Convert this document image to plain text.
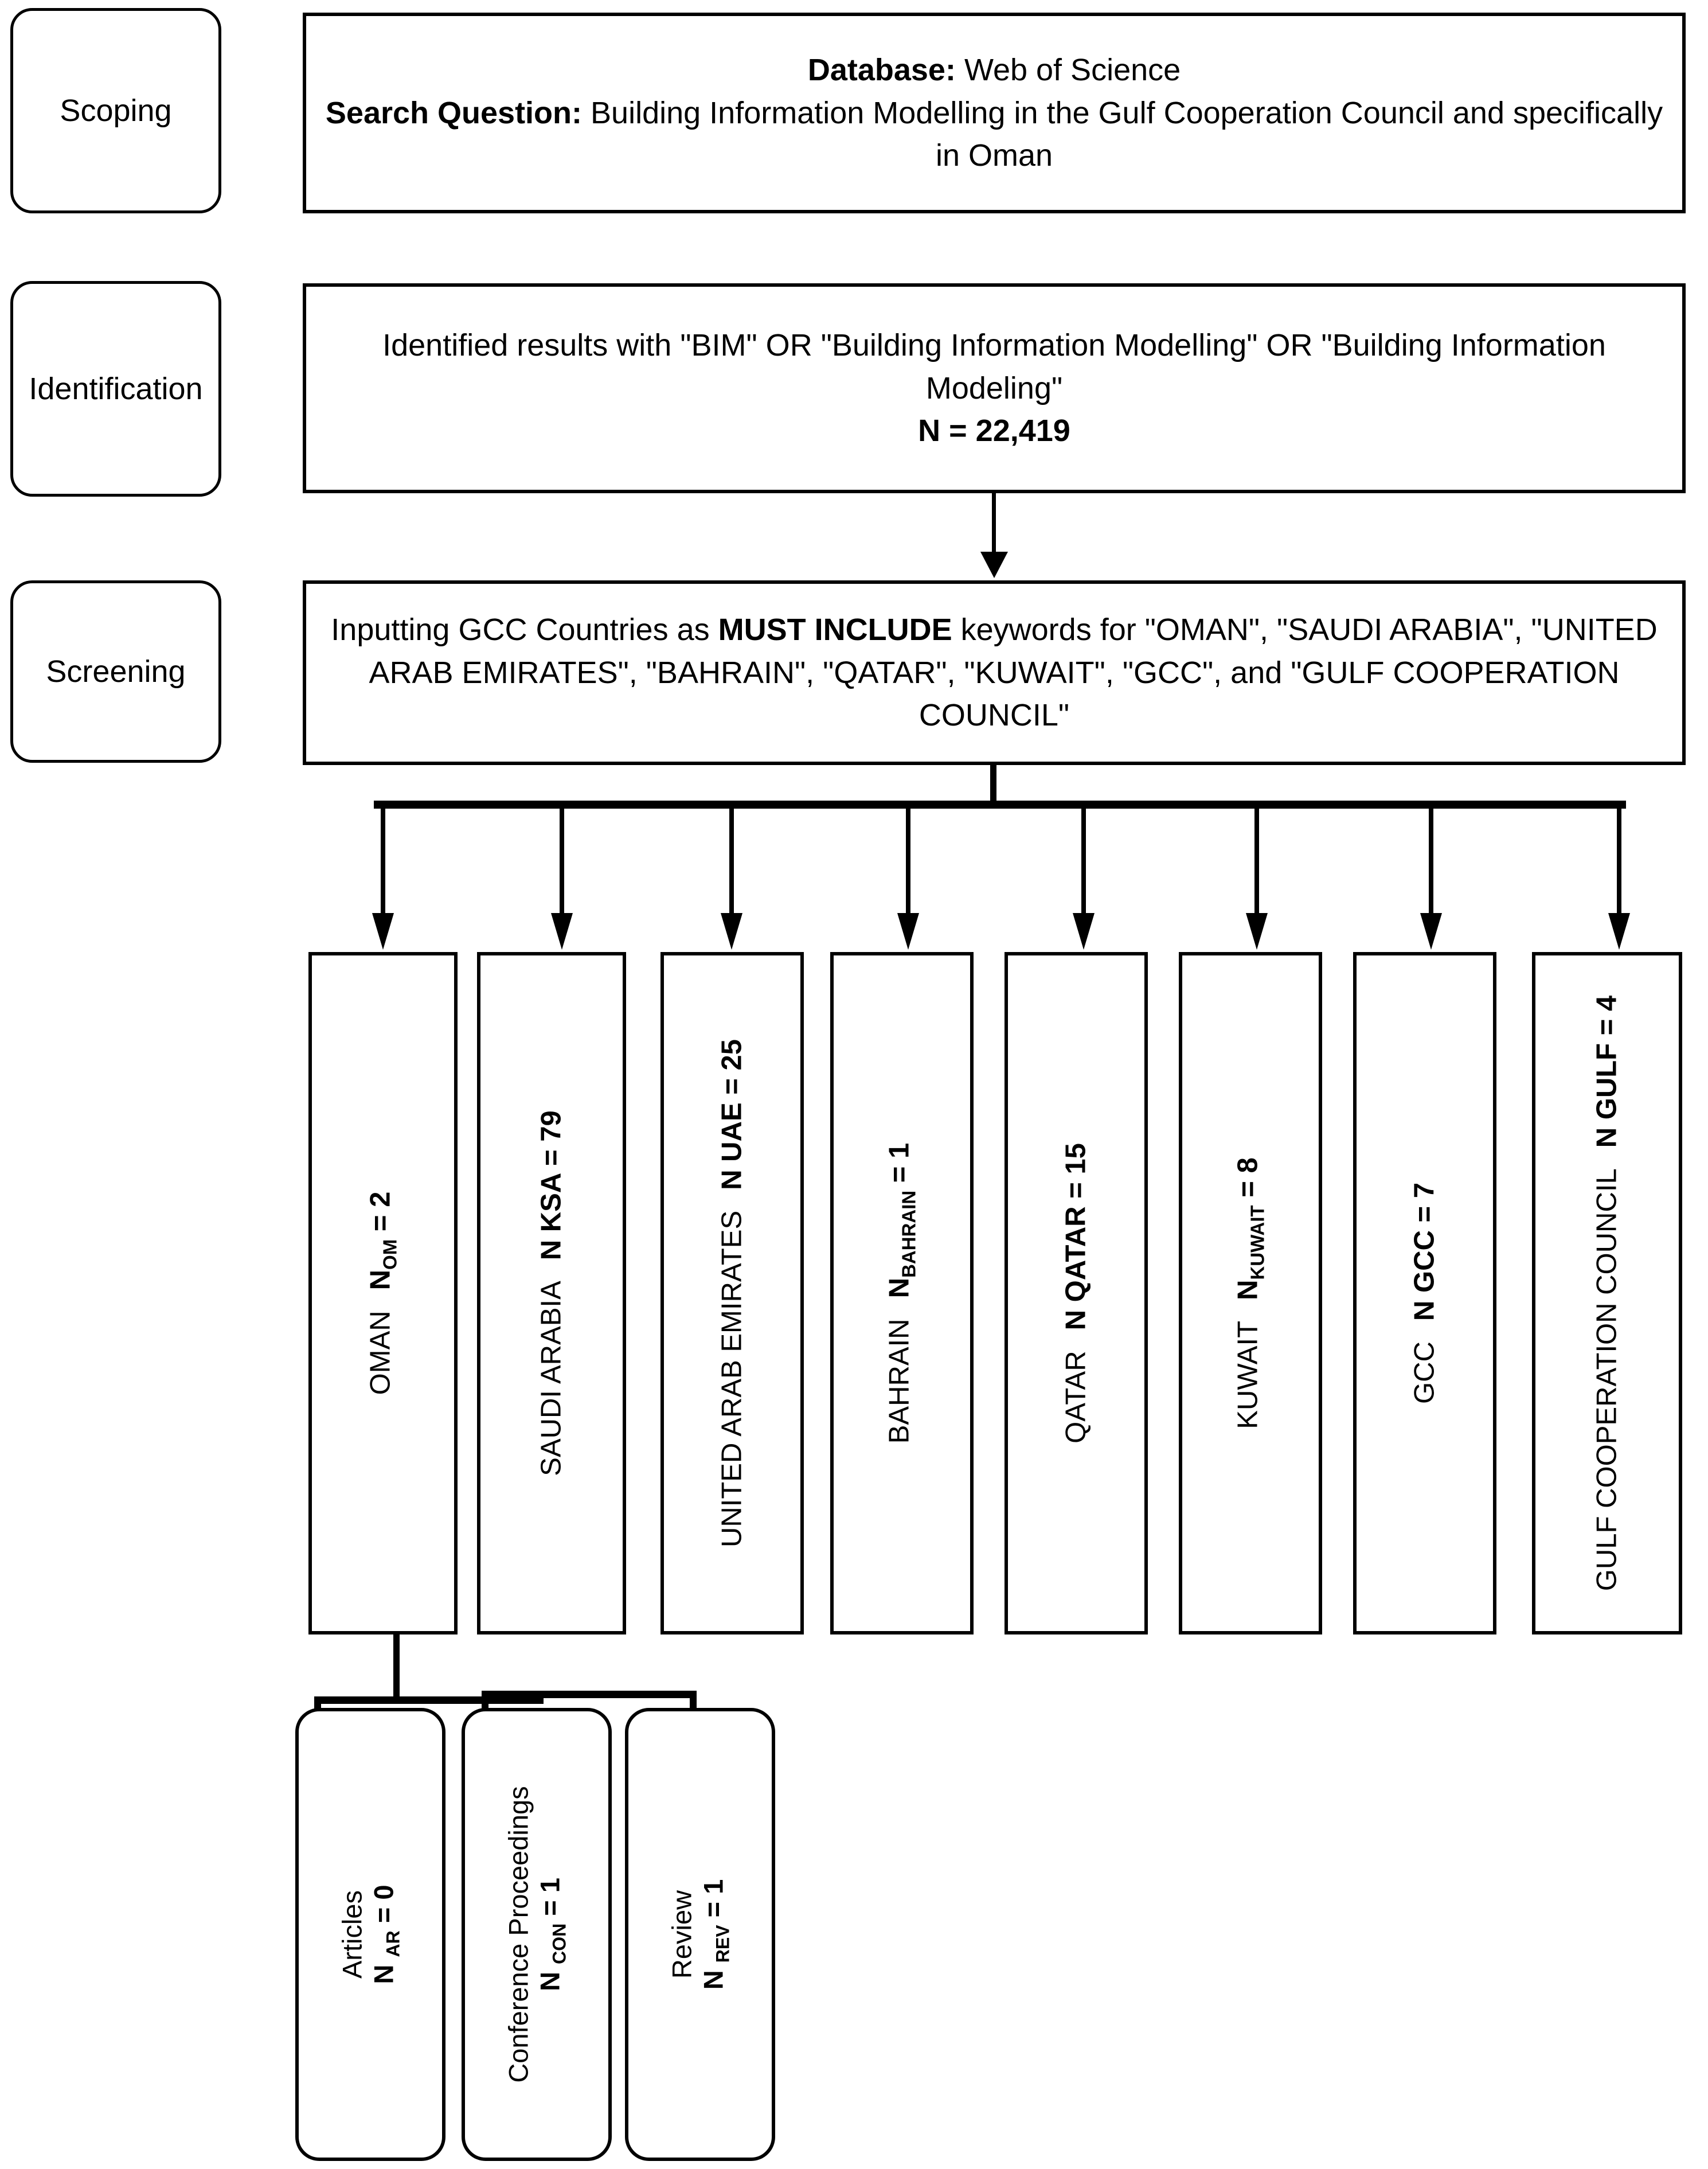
Scoping
Identification
Screening
Database: Web of Science
Search Question: Building Information Modelling in the Gulf Cooperation Council and specifically in Oman
Identified results with "BIM" OR "Building Information Modelling" OR "Building Information Modeling"
N = 22,419
Inputting GCC Countries as MUST INCLUDE keywords for "OMAN", "SAUDI ARABIA", "UNITED ARAB EMIRATES", "BAHRAIN", "QATAR", "KUWAIT", "GCC", and "GULF COOPERATION COUNCIL"
OMAN
$N_{OM} = 2$
SAUDI ARABIA
N KSA = 79
UNITED ARAB EMIRATES
N UAE = 25
BAHRAIN
$N_{BAHRAIN} = 1$
QATAR
N QATAR = 15
KUWAIT
$N_{KUWAIT} = 8$
GCC
N GCC = 7	GULF COOPERATION COUNCIL
N GULF = 4
Articles N $_{AR}$ = 0	Conference Proceedings N $_{CON}$ = 1	Review
N $_{REV}$ = 1
